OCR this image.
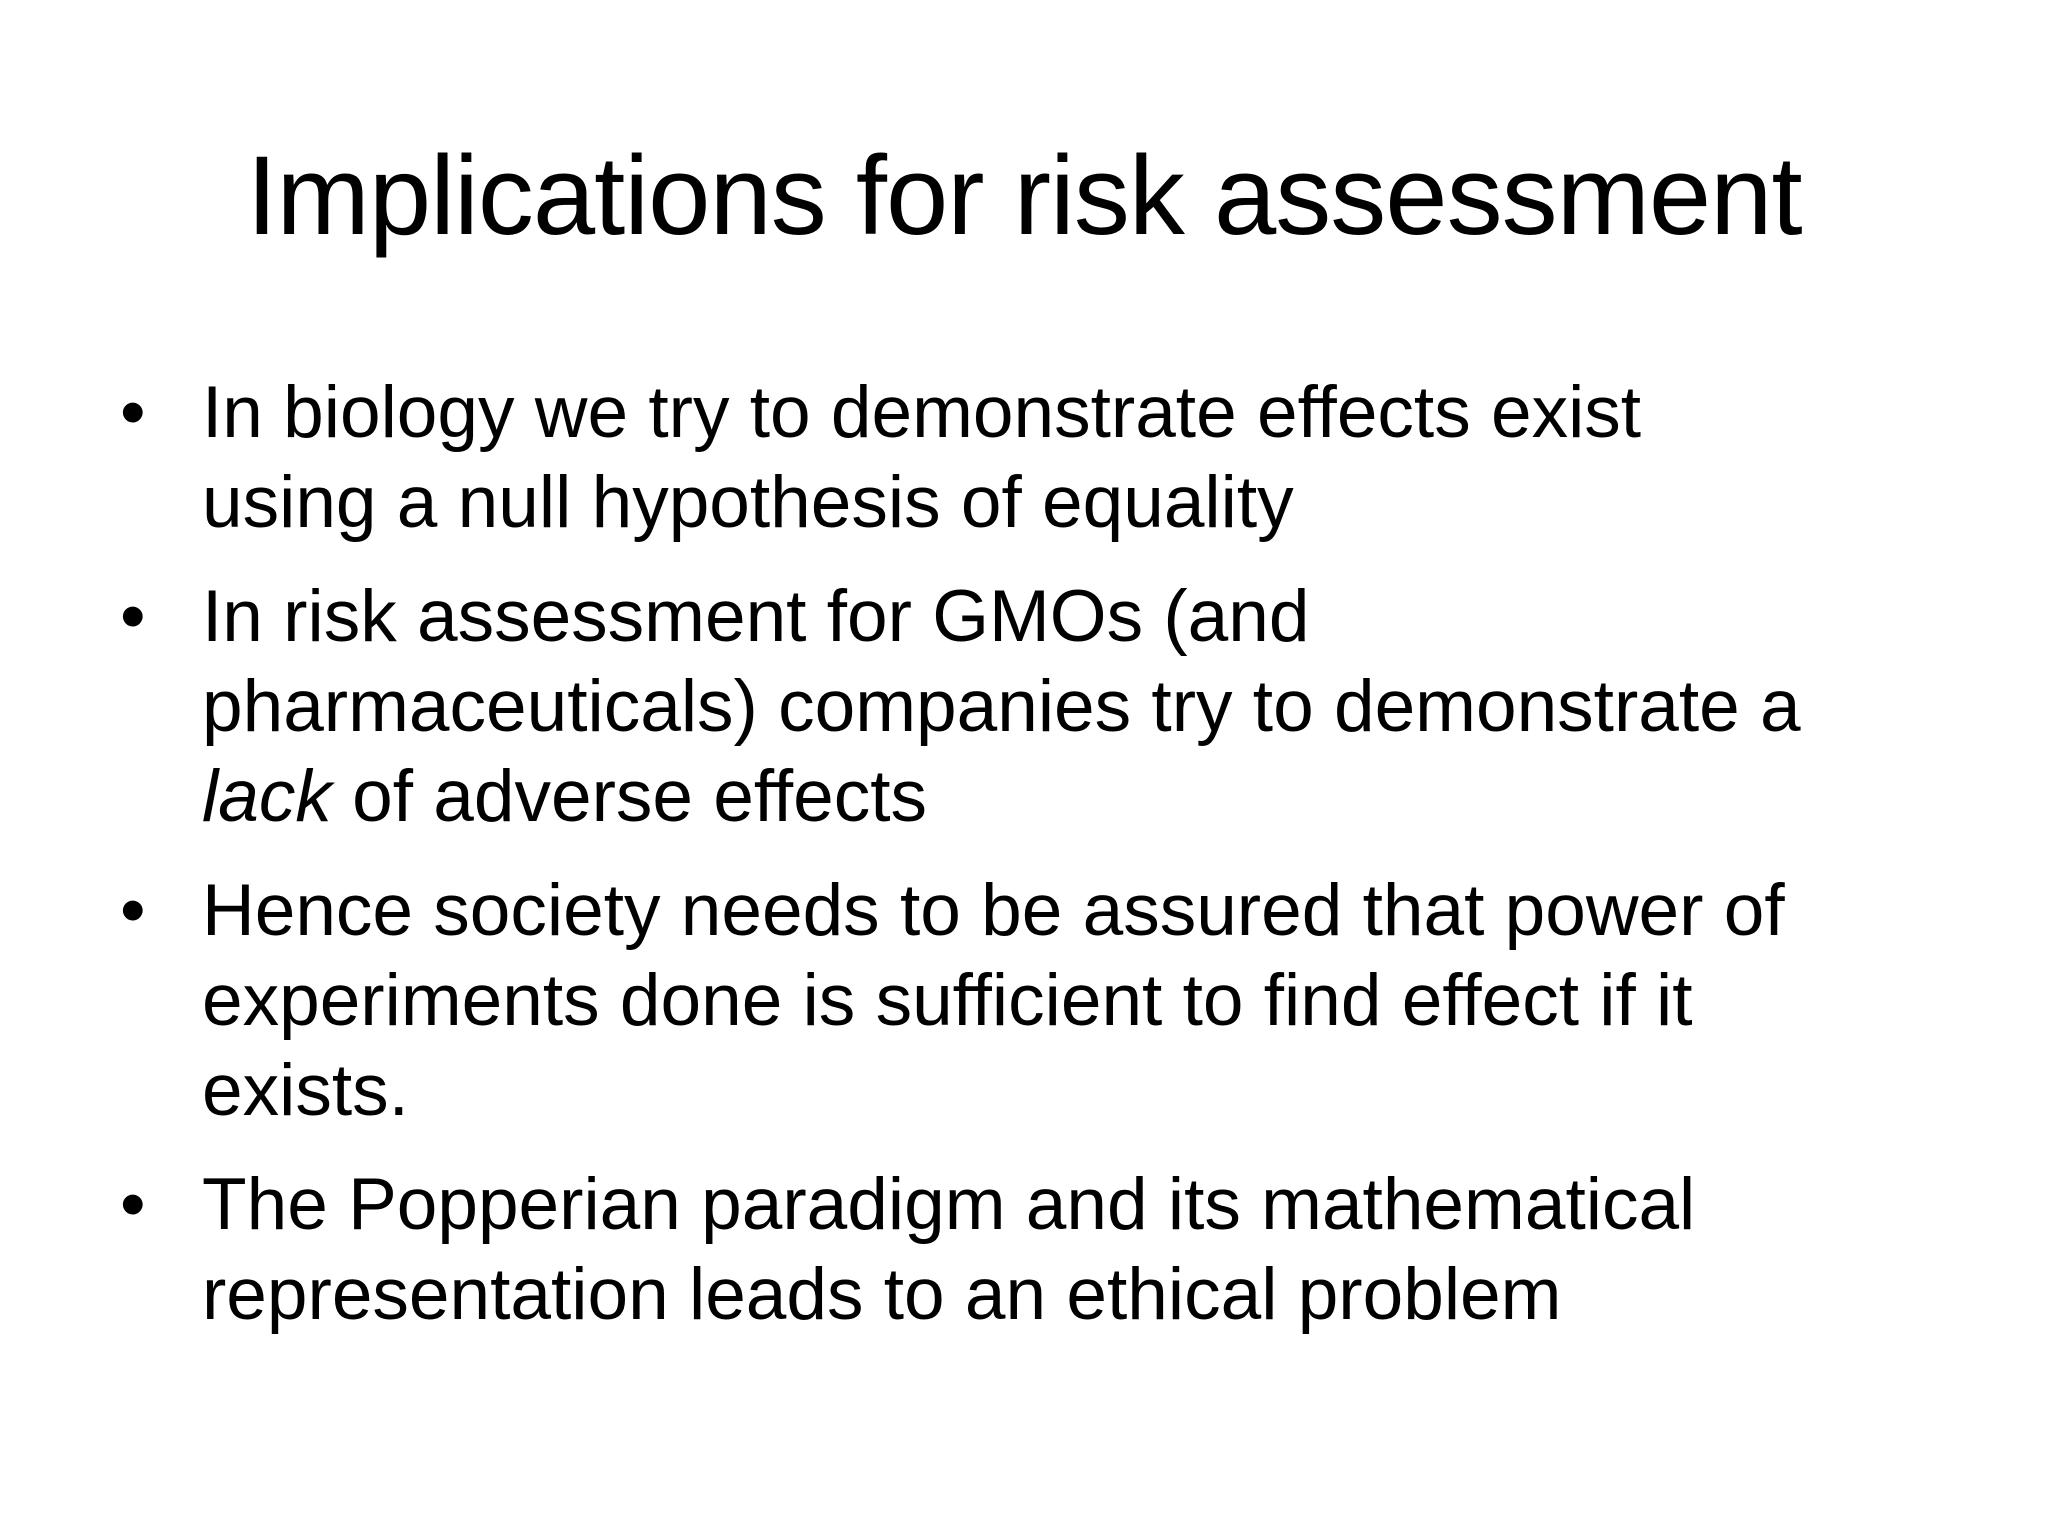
Implications for risk assessment
• In biology we try to demonstrate effects exist
using a null hypothesis of equality
• In risk assessment for GMOs (and
pharmaceuticals) companies try to demonstrate a
lack of adverse effects
• Hence society needs to be assured that power of
experiments done is sufficient to find effect if it
exists.
• The Popperian paradigm and its mathematical
representation leads to an ethical problem
